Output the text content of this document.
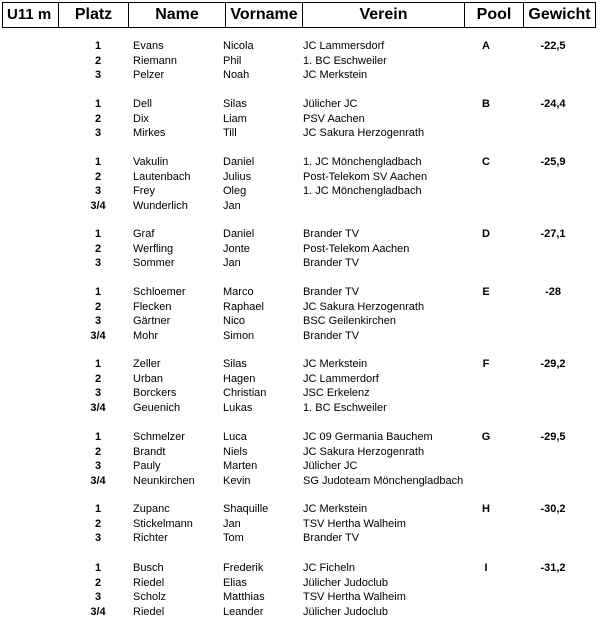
U11 m	Platz	Name	Vorname	Verein	Pool	Gewicht
1	Evans	Nicola	JC Lammersdorf	A	-22,5
2	Riemann	Phil	1. BC Eschweiler
3	Pelzer	Noah	JC Merkstein
1	Dell	Silas	Jülicher JC	B	-24,4
2	Dix	Liam	PSV Aachen
3	Mirkes	Till	JC Sakura Herzogenrath
1	Vakulin	Daniel	1. JC Mönchengladbach	C	-25,9
2	Lautenbach	Julius	Post-Telekom SV Aachen
3	Frey	Oleg	1. JC Mönchengladbach
3/4	Wunderlich	Jan
1	Graf	Daniel	Brander TV	D	-27,1
2	Werfling	Jonte	Post-Telekom Aachen
3	Sommer	Jan	Brander TV
1	Schloemer	Marco	Brander TV	E	-28
2	Flecken	Raphael	JC Sakura Herzogenrath
3	Gärtner	Nico	BSC Geilenkirchen
3/4	Mohr	Simon	Brander TV
1	Zeller	Silas	JC Merkstein	F	-29,2
2	Urban	Hagen	JC Lammerdorf
3	Borckers	Christian	JSC Erkelenz
3/4	Geuenich	Lukas	1. BC Eschweiler
1	Schmelzer	Luca	JC 09 Germania Bauchem	G	-29,5
2	Brandt	Niels	JC Sakura Herzogenrath
3	Pauly	Marten	Jülicher JC
3/4	Neunkirchen	Kevin	SG Judoteam Mönchengladbach
1	Zupanc	Shaquille	JC Merkstein	H	-30,2
2	Stickelmann	Jan	TSV Hertha Walheim
3	Richter	Tom	Brander TV
1	Busch	Frederik	JC Ficheln	I	-31,2
2	Riedel	Elias	Jülicher Judoclub
3	Scholz	Matthias	TSV Hertha Walheim
3/4	Riedel	Leander	Jülicher Judoclub
